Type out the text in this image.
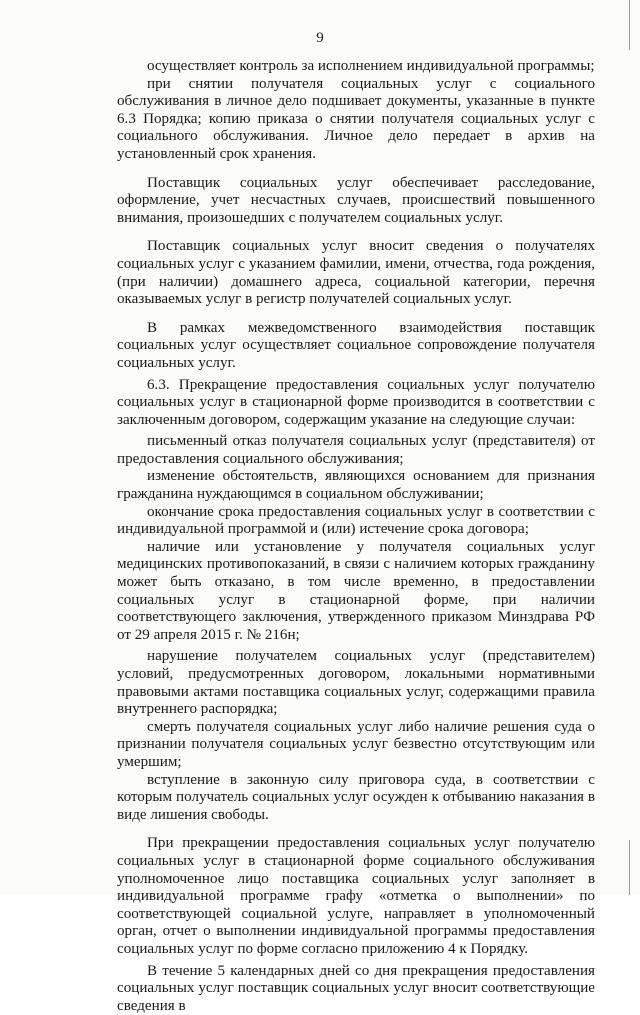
9

осуществляет контроль за исполнением индивидуальной программы;

при снятии получателя социальных услуг с социального обслуживания в личное дело подшивает документы, указанные в пункте 6.3 Порядка; копию приказа о снятии получателя социальных услуг с социального обслуживания. Личное дело передает в архив на установленный срок хранения.

Поставщик социальных услуг обеспечивает расследование, оформление, учет несчастных случаев, происшествий повышенного внимания, произошедших с получателем социальных услуг.

Поставщик социальных услуг вносит сведения о получателях социальных услуг с указанием фамилии, имени, отчества, года рождения, (при наличии) домашнего адреса, социальной категории, перечня оказываемых услуг в регистр получателей социальных услуг.

В рамках межведомственного взаимодействия поставщик социальных услуг осуществляет социальное сопровождение получателя социальных услуг.

6.3. Прекращение предоставления социальных услуг получателю социальных услуг в стационарной форме производится в соответствии с заключенным договором, содержащим указание на следующие случаи:

письменный отказ получателя социальных услуг (представителя) от предоставления социального обслуживания;

изменение обстоятельств, являющихся основанием для признания гражданина нуждающимся в социальном обслуживании;

окончание срока предоставления социальных услуг в соответствии с индивидуальной программой и (или) истечение срока договора;

наличие или установление у получателя социальных услуг медицинских противопоказаний, в связи с наличием которых гражданину может быть отказано, в том числе временно, в предоставлении социальных услуг в стационарной форме, при наличии соответствующего заключения, утвержденного приказом Минздрава РФ от 29 апреля 2015 г. № 216н;

нарушение получателем социальных услуг (представителем) условий, предусмотренных договором, локальными нормативными правовыми актами поставщика социальных услуг, содержащими правила внутреннего распорядка;

смерть получателя социальных услуг либо наличие решения суда о признании получателя социальных услуг безвестно отсутствующим или умершим;

вступление в законную силу приговора суда, в соответствии с которым получатель социальных услуг осужден к отбыванию наказания в виде лишения свободы.

При прекращении предоставления социальных услуг получателю социальных услуг в стационарной форме социального обслуживания уполномоченное лицо поставщика социальных услуг заполняет в индивидуальной программе графу «отметка о выполнении» по соответствующей социальной услуге, направляет в уполномоченный орган, отчет о выполнении индивидуальной программы предоставления социальных услуг по форме согласно приложению 4 к Порядку.

В течение 5 календарных дней со дня прекращения предоставления социальных услуг поставщик социальных услуг вносит соответствующие сведения в
